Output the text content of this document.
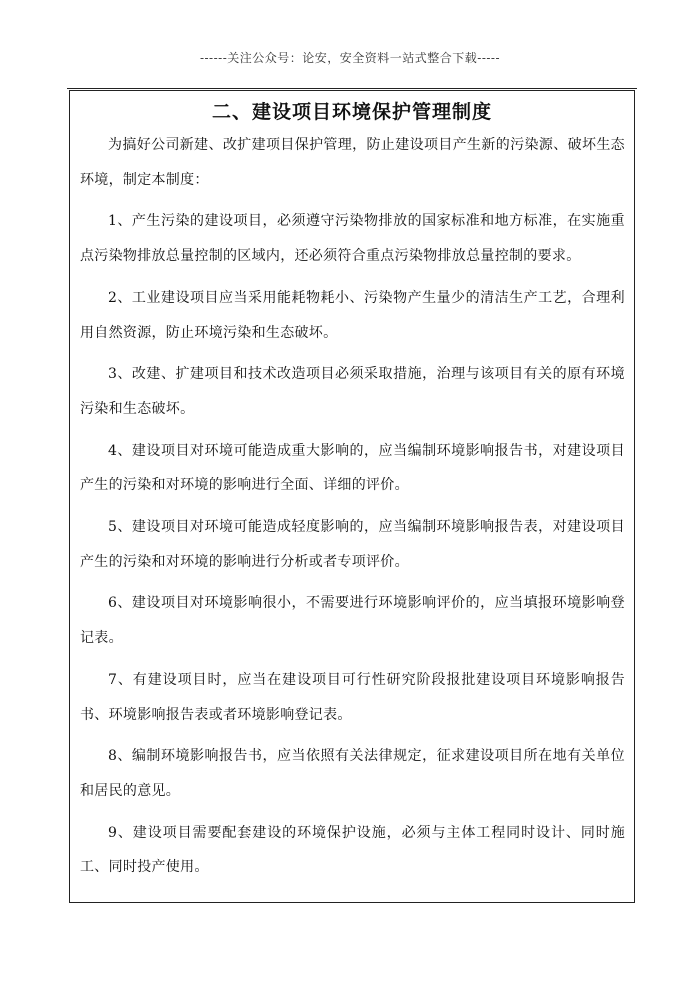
------关注公众号：论安，安全资料一站式整合下载-----
二、建设项目环境保护管理制度

为搞好公司新建、改扩建项目保护管理，防止建设项目产生新的污染源、破坏生态环境，制定本制度：

1、产生污染的建设项目，必须遵守污染物排放的国家标准和地方标准，在实施重点污染物排放总量控制的区域内，还必须符合重点污染物排放总量控制的要求。

2、工业建设项目应当采用能耗物耗小、污染物产生量少的清洁生产工艺，合理利用自然资源，防止环境污染和生态破坏。

3、改建、扩建项目和技术改造项目必须采取措施，治理与该项目有关的原有环境污染和生态破坏。

4、建设项目对环境可能造成重大影响的，应当编制环境影响报告书，对建设项目产生的污染和对环境的影响进行全面、详细的评价。

5、建设项目对环境可能造成轻度影响的，应当编制环境影响报告表，对建设项目产生的污染和对环境的影响进行分析或者专项评价。

6、建设项目对环境影响很小，不需要进行环境影响评价的，应当填报环境影响登记表。

7、有建设项目时，应当在建设项目可行性研究阶段报批建设项目环境影响报告书、环境影响报告表或者环境影响登记表。

8、编制环境影响报告书，应当依照有关法律规定，征求建设项目所在地有关单位和居民的意见。

9、建设项目需要配套建设的环境保护设施，必须与主体工程同时设计、同时施工、同时投产使用。
